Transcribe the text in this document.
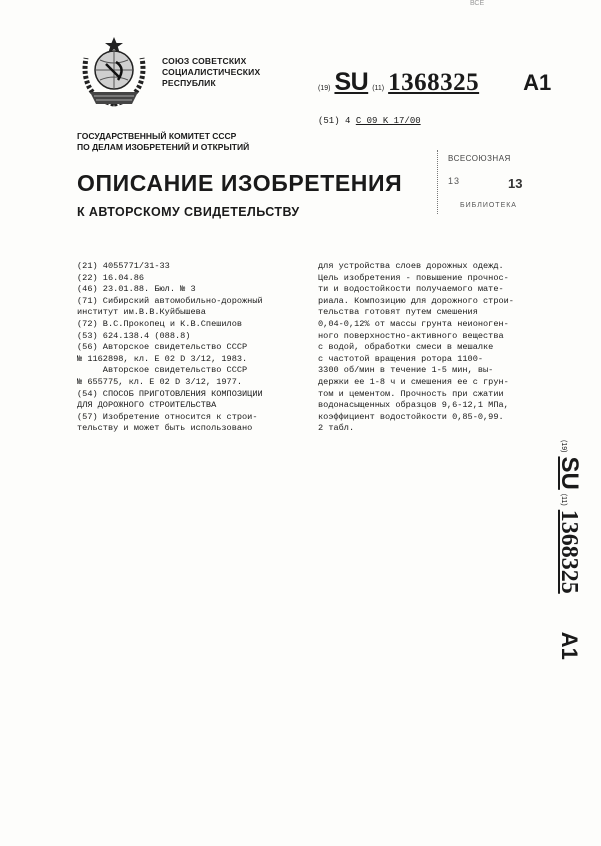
ВСЕ
СОЮЗ СОВЕТСКИХ
СОЦИАЛИСТИЧЕСКИХ
РЕСПУБЛИК
(19) SU (11) 1368325 A1
(51) 4 C 09 K 17/00
ГОСУДАРСТВЕННЫЙ КОМИТЕТ СССР
ПО ДЕЛАМ ИЗОБРЕТЕНИЙ И ОТКРЫТИЙ
ВСЕСОЮЗНАЯ
13	13
БИБЛИОТЕКА
ОПИСАНИЕ ИЗОБРЕТЕНИЯ
К АВТОРСКОМУ СВИДЕТЕЛЬСТВУ
(21) 4055771/31-33
(22) 16.04.86
(46) 23.01.88. Бюл. № 3
(71) Сибирский автомобильно-дорожный
институт им.В.В.Куйбышева
(72) В.С.Прокопец и К.В.Спешилов
(53) 624.138.4 (088.8)
(56) Авторское свидетельство СССР
№ 1162898, кл. E 02 D 3/12, 1983.
Авторское свидетельство СССР
№ 655775, кл. E 02 D 3/12, 1977.
(54) СПОСОБ ПРИГОТОВЛЕНИЯ КОМПОЗИЦИИ
ДЛЯ ДОРОЖНОГО СТРОИТЕЛЬСТВА
(57) Изобретение относится к строи-
тельству и может быть использовано
для устройства слоев дорожных одежд.
Цель изобретения - повышение прочнос-
ти и водостойкости получаемого мате-
риала. Композицию для дорожного строи-
тельства готовят путем смешения
0,04-0,12% от массы грунта неионоген-
ного поверхностно-активного вещества
с водой, обработки смеси в мешалке
с частотой вращения ротора 1100-
3300 об/мин в течение 1-5 мин, вы-
держки ее 1-8 ч и смешения ее с грун-
том и цементом. Прочность при сжатии
водонасыщенных образцов 9,6-12,1 МПа,
коэффициент водостойкости 0,85-0,99.
2 табл.
(19)
SU
(11)
1368325
A1
